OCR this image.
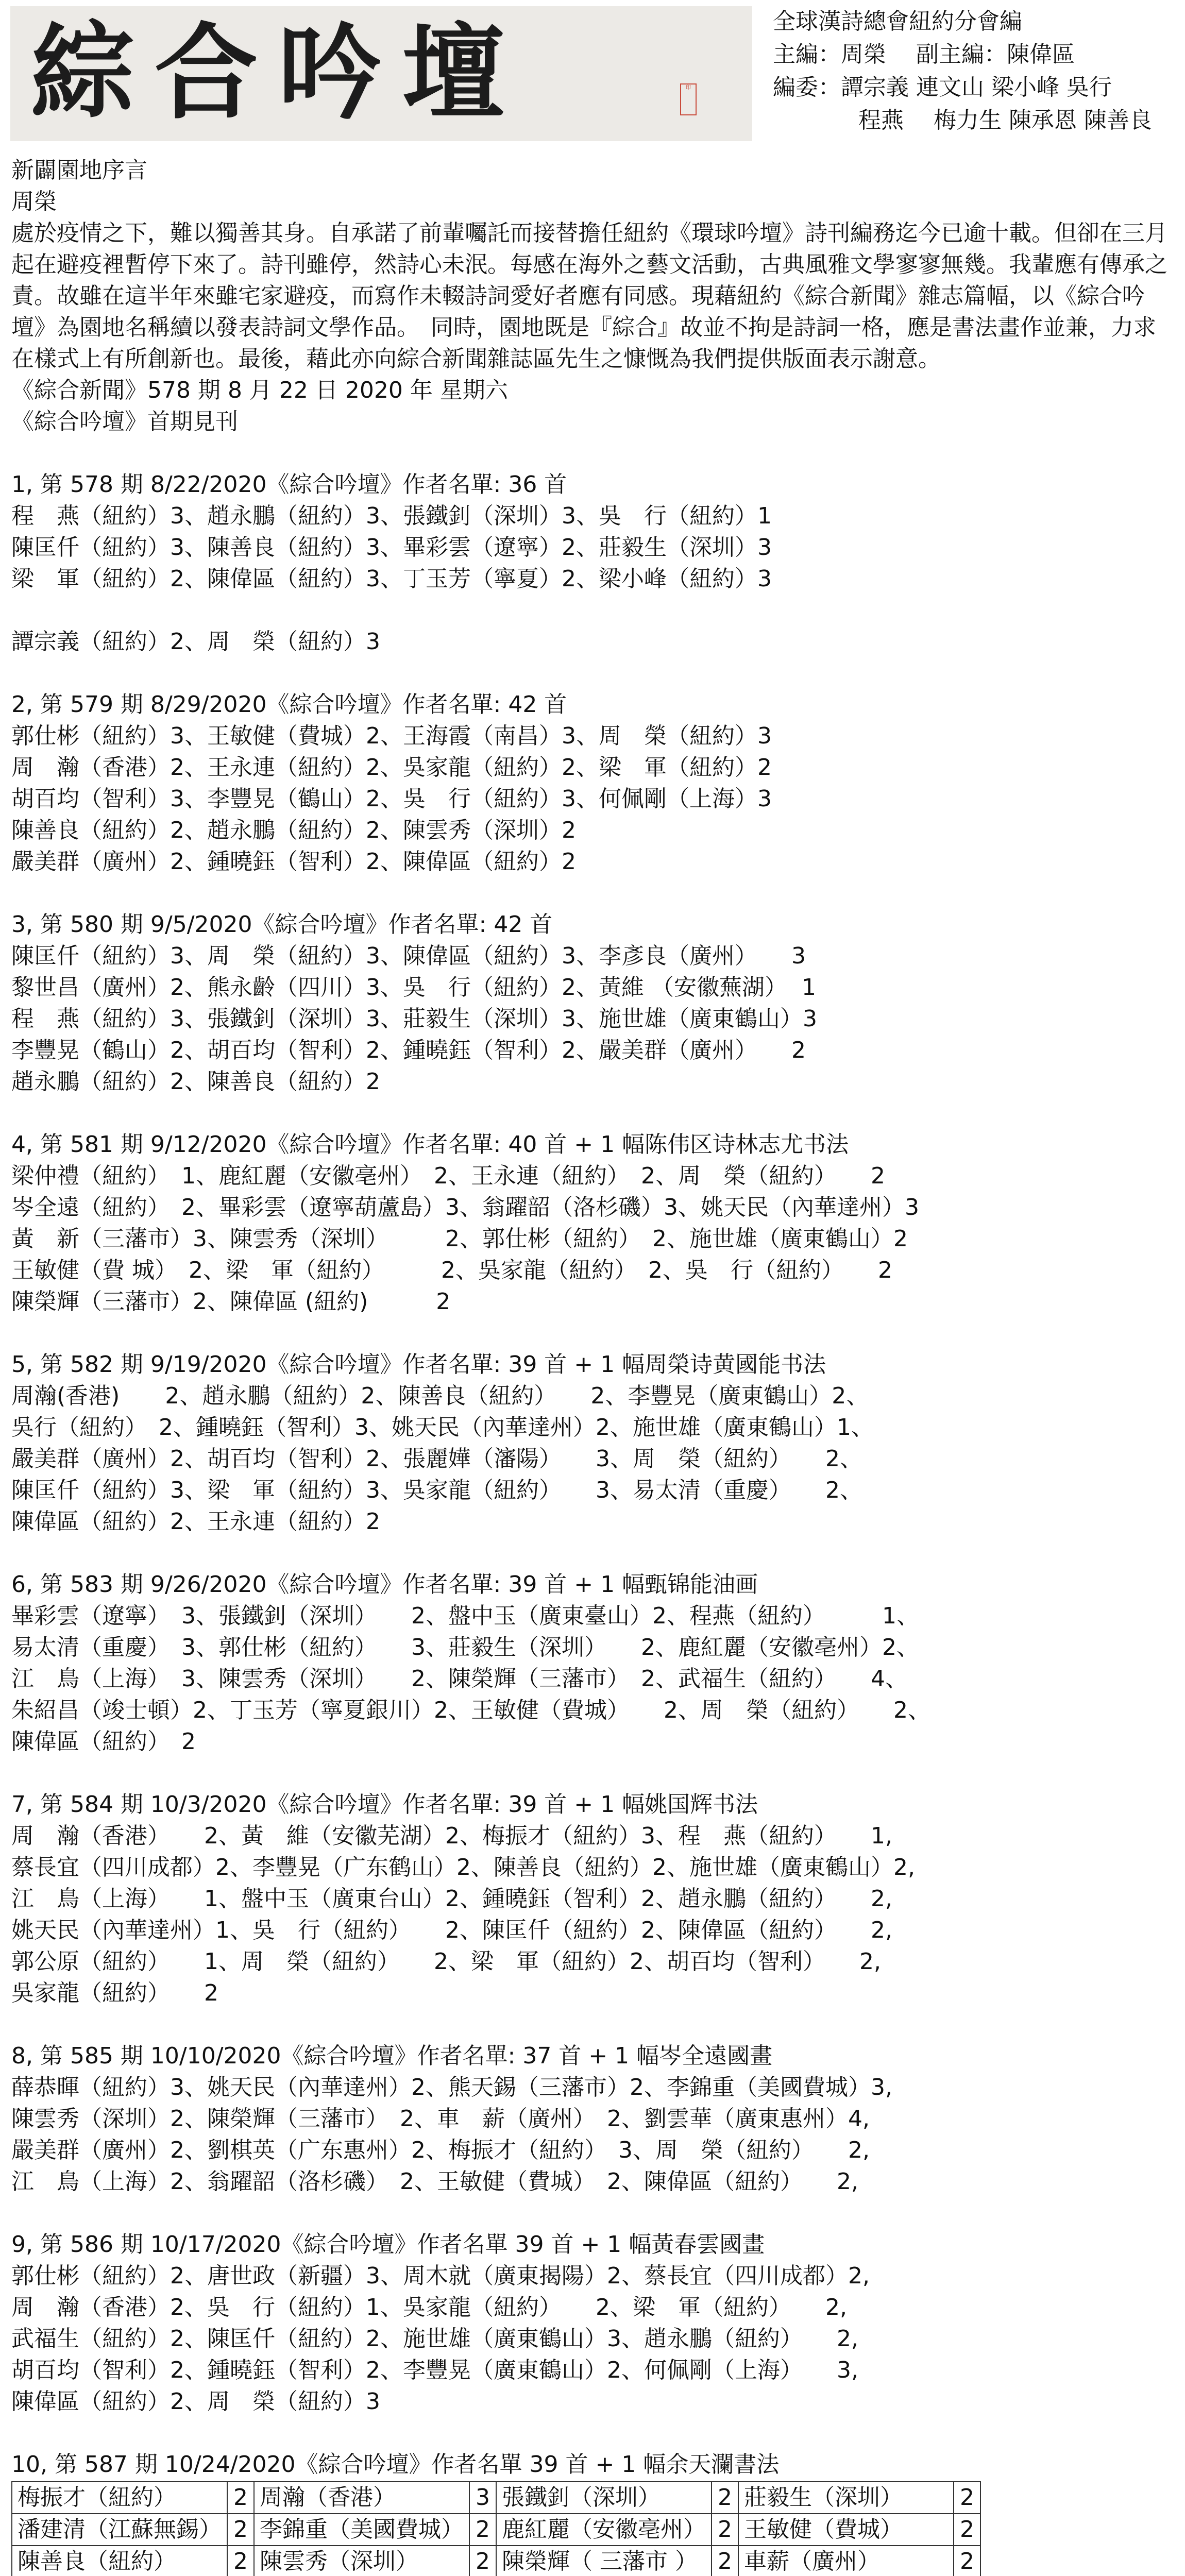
綜合吟壇	印
全球漢詩總會紐約分會編
主編：周榮　 副主編：陳偉區
編委：譚宗義 連文山 梁小峰 吳行
程燕　 梅力生 陳承恩 陳善良

新闢園地序言

周榮

處於疫情之下，難以獨善其身。自承諾了前輩囑託而接替擔任紐約《環球吟壇》詩刊編務迄今已逾十載。但卻在三月起在避疫裡暫停下來了。詩刊雖停，然詩心未泯。每感在海外之藝文活動，古典風雅文學寥寥無幾。我輩應有傳承之責。故雖在這半年來雖宅家避疫，而寫作未輟詩詞愛好者應有同感。現藉紐約《綜合新聞》雜志篇幅，以《綜合吟壇》為園地名稱續以發表詩詞文學作品。　同時，園地既是『綜合』故並不拘是詩詞一格，應是書法畫作並兼，力求在樣式上有所創新也。最後，藉此亦向綜合新聞雜誌區先生之慷慨為我們提供版面表示謝意。

《綜合新聞》578 期 8 月 22 日 2020 年 星期六

《綜合吟壇》首期見刊

1, 第 578 期 8/22/2020《綜合吟壇》作者名單: 36 首

程　燕（紐約）3、趙永鵬（紐約）3、張鐵釗（深圳）3、吳　行（紐約）1

陳匡仟（紐約）3、陳善良（紐約）3、畢彩雲（遼寧）2、莊毅生（深圳）3

梁　軍（紐約）2、陳偉區（紐約）3、丁玉芳（寧夏）2、梁小峰（紐約）3

譚宗義（紐約）2、周　榮（紐約）3

2, 第 579 期 8/29/2020《綜合吟壇》作者名單: 42 首

郭仕彬（紐約）3、王敏健（費城）2、王海霞（南昌）3、周　榮（紐約）3

周　瀚（香港）2、王永連（紐約）2、吳家龍（紐約）2、梁　軍（紐約）2

胡百均（智利）3、李豐晃（鶴山）2、吳　行（紐約）3、何佩剛（上海）3

陳善良（紐約）2、趙永鵬（紐約）2、陳雲秀（深圳）2

嚴美群（廣州）2、鍾曉鈺（智利）2、陳偉區（紐約）2

3, 第 580 期 9/5/2020《綜合吟壇》作者名單: 42 首

陳匡仟（紐約）3、周　榮（紐約）3、陳偉區（紐約）3、李彥良（廣州）　　3

黎世昌（廣州）2、熊永齡（四川）3、吳　行（紐約）2、黃維 （安徽蕪湖）  1

程　燕（紐約）3、張鐵釗（深圳）3、莊毅生（深圳）3、施世雄（廣東鶴山）3

李豐晃（鶴山）2、胡百均（智利）2、鍾曉鈺（智利）2、嚴美群（廣州）　　2

趙永鵬（紐約）2、陳善良（紐約）2

4, 第 581 期 9/12/2020《綜合吟壇》作者名單: 40 首 + 1 幅陈伟区诗林志尤书法

梁仲禮（紐約）　1、鹿紅麗（安徽亳州）　2、王永連（紐約）　2、周　榮（紐約）　　2

岑全遠（紐約）　2、畢彩雲（遼寧葫蘆島）3、翁躍韶（洛杉磯）3、姚天民（內華達州）3

黃　新（三藩市）3、陳雲秀（深圳）　　　2、郭仕彬（紐約）　2、施世雄（廣東鶴山）2

王敏健（費 城）　2、梁　軍（紐約）　　　2、吳家龍（紐約）　2、吳　行（紐約）　　2

陳榮輝（三藩市）2、陳偉區 (紐約)　　　2

5, 第 582 期 9/19/2020《綜合吟壇》作者名單: 39 首 + 1 幅周榮诗黄國能书法

周瀚(香港)　　2、趙永鵬（紐約）2、陳善良（紐約）　　2、李豐晃（廣東鶴山）2、

吳行（紐約）　2、鍾曉鈺（智利）3、姚天民（內華達州）2、施世雄（廣東鶴山）1、

嚴美群（廣州）2、胡百均（智利）2、張麗嬅（瀋陽）　　3、周　榮（紐約）　　2、

陳匡仟（紐約）3、梁　軍（紐約）3、吳家龍（紐約）　　3、易太清（重慶）　　2、

陳偉區（紐約）2、王永連（紐約）2

6, 第 583 期 9/26/2020《綜合吟壇》作者名單: 39 首 + 1 幅甄锦能油画

畢彩雲（遼寧）　3、張鐵釗（深圳）　　2、盤中玉（廣東臺山）2、程燕（紐約）　　　1、

易太清（重慶）　3、郭仕彬（紐約）　　3、莊毅生（深圳）　　2、鹿紅麗（安徽亳州）2、

江　鳥（上海）　3、陳雲秀（深圳）　　2、陳榮輝（三藩市）　2、武福生（紐約）　　4、

朱紹昌（竣士頓）2、丁玉芳（寧夏銀川）2、王敏健（費城）　　2、周　榮（紐約）　　2、

陳偉區（紐約）　2

7, 第 584 期 10/3/2020《綜合吟壇》作者名單: 39 首 + 1 幅姚国辉书法

周　瀚（香港）　　2、黃　維（安徽芜湖）2、梅振才（紐約）3、程　燕（紐約）　　1,

蔡長宜（四川成都）2、李豐晃（广东鹤山）2、陳善良（紐約）2、施世雄（廣東鶴山）2,

江　鳥（上海）　　1、盤中玉（廣東台山）2、鍾曉鈺（智利）2、趙永鵬（紐約）　　2,

姚天民（內華達州）1、吳　行（紐約）　　2、陳匡仟（紐約）2、陳偉區（紐約）　　2,

郭公原（紐約）　　1、周　榮（紐約）　　2、梁　軍（紐約）2、胡百均（智利）　　2,

吳家龍（紐約）　　2

8, 第 585 期 10/10/2020《綜合吟壇》作者名單: 37 首 + 1 幅岑全遠國畫

薛恭暉（紐約）3、姚天民（內華達州）2、熊天錫（三藩市）2、李錦重（美國費城）3,

陳雲秀（深圳）2、陳榮輝（三藩市）　2、車　薪（廣州）　2、劉雲華（廣東惠州）4,

嚴美群（廣州）2、劉棋英（广东惠州）2、梅振才（紐約）　3、周　榮（紐約）　　2,

江　鳥（上海）2、翁躍韶（洛杉磯）　2、王敏健（費城）　2、陳偉區（紐約）　　2,

9, 第 586 期 10/17/2020《綜合吟壇》作者名單 39 首 + 1 幅黃春雲國畫

郭仕彬（紐約）2、唐世政（新疆）3、周木就（廣東揭陽）2、蔡長宜（四川成都）2,

周　瀚（香港）2、吳　行（紐約）1、吳家龍（紐約）　　2、梁　軍（紐約）　　2,

武福生（紐約）2、陳匡仟（紐約）2、施世雄（廣東鶴山）3、趙永鵬（紐約）　　2,

胡百均（智利）2、鍾曉鈺（智利）2、李豐晃（廣東鶴山）2、何佩剛（上海）　　3,

陳偉區（紐約）2、周　榮（紐約）3

10, 第 587 期 10/24/2020《綜合吟壇》作者名單 39 首 + 1 幅余天瀾書法

梅振才（紐約）	2	周瀚（香港）	3	張鐵釗（深圳）	2	莊毅生（深圳）	2
潘建清（江蘇無錫）	2	李錦重（美國費城）	2	鹿紅麗（安徽亳州）	2	王敏健（費城）	2
陳善良（紐約）	2	陳雲秀（深圳）	2	陳榮輝（ 三藩市 ）	2	車薪（廣州）	2
